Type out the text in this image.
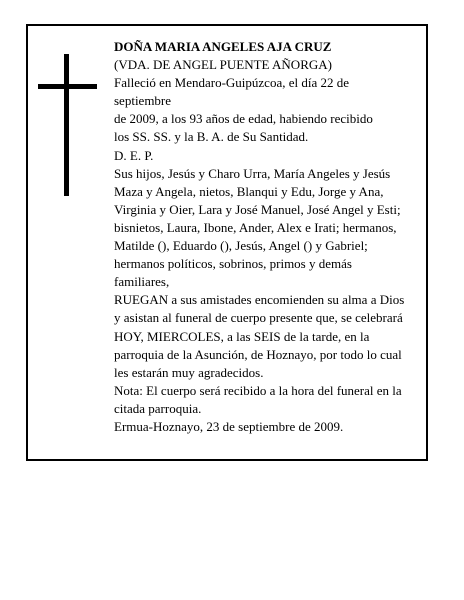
DOÑA MARIA ANGELES AJA CRUZ
(VDA. DE ANGEL PUENTE AÑORGA)
Falleció en Mendaro-Guipúzcoa, el día 22 de
septiembre
de 2009, a los 93 años de edad, habiendo recibido
los SS. SS. y la B. A. de Su Santidad.
D. E. P.
Sus hijos, Jesús y Charo Urra, María Angeles y Jesús
Maza y Angela, nietos, Blanqui y Edu, Jorge y Ana,
Virginia y Oier, Lara y José Manuel, José Angel y Esti;
bisnietos, Laura, Ibone, Ander, Alex e Irati; hermanos,
Matilde (), Eduardo (), Jesús, Angel () y Gabriel;
hermanos políticos, sobrinos, primos y demás
familiares,
RUEGAN a sus amistades encomienden su alma a Dios
y asistan al funeral de cuerpo presente que, se celebrará
HOY, MIERCOLES, a las SEIS de la tarde, en la
parroquia de la Asunción, de Hoznayo, por todo lo cual
les estarán muy agradecidos.
Nota: El cuerpo será recibido a la hora del funeral en la
citada parroquia.
Ermua-Hoznayo, 23 de septiembre de 2009.
